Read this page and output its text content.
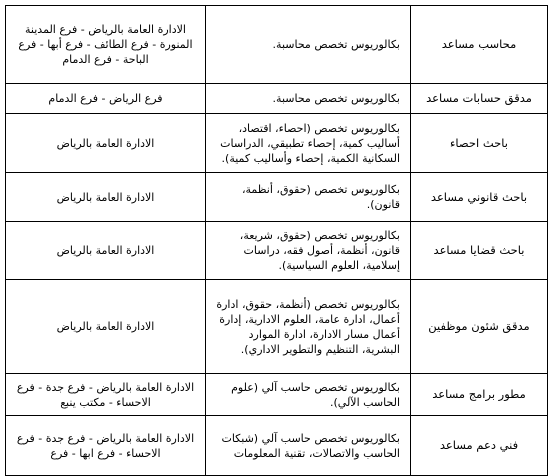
محاسب مساعد	بكالوريوس تخصص محاسبة.	الادارة العامة بالرياض - فرع المدينة المنورة - فرع الطائف - فرع أبها - فرع الباحة - فرع الدمام

مدقق حسابات مساعد	بكالوريوس تخصص محاسبة.	فرع الرياض - فرع الدمام

باحث احصاء	بكالوريوس تخصص (احصاء، اقتصاد، أساليب كمية، إحصاء تطبيقي، الدراسات السكانية الكمية، إحصاء وأساليب كمية).	الادارة العامة بالرياض

باحث قانوني مساعد	بكالوريوس تخصص (حقوق، أنظمة، قانون).	الادارة العامة بالرياض

باحث قضايا مساعد	بكالوريوس تخصص (حقوق، شريعة، قانون، أنظمة، أصول فقه، دراسات إسلامية، العلوم السياسية).	الادارة العامة بالرياض

مدقق شئون موظفين	بكالوريوس تخصص (أنظمة، حقوق، ادارة أعمال، ادارة عامة، العلوم الادارية، إدارة أعمال مسار الادارة، ادارة الموارد البشرية، التنظيم والتطوير الاداري).	الادارة العامة بالرياض

مطور برامج مساعد	بكالوريوس تخصص حاسب آلي (علوم الحاسب الآلي).	الادارة العامة بالرياض - فرع جدة - فرع الاحساء - مكتب ينبع

فني دعم مساعد	بكالوريوس تخصص حاسب آلي (شبكات الحاسب والاتصالات، تقنية المعلومات	الادارة العامة بالرياض - فرع جدة - فرع الاحساء - فرع ابها - فرع
